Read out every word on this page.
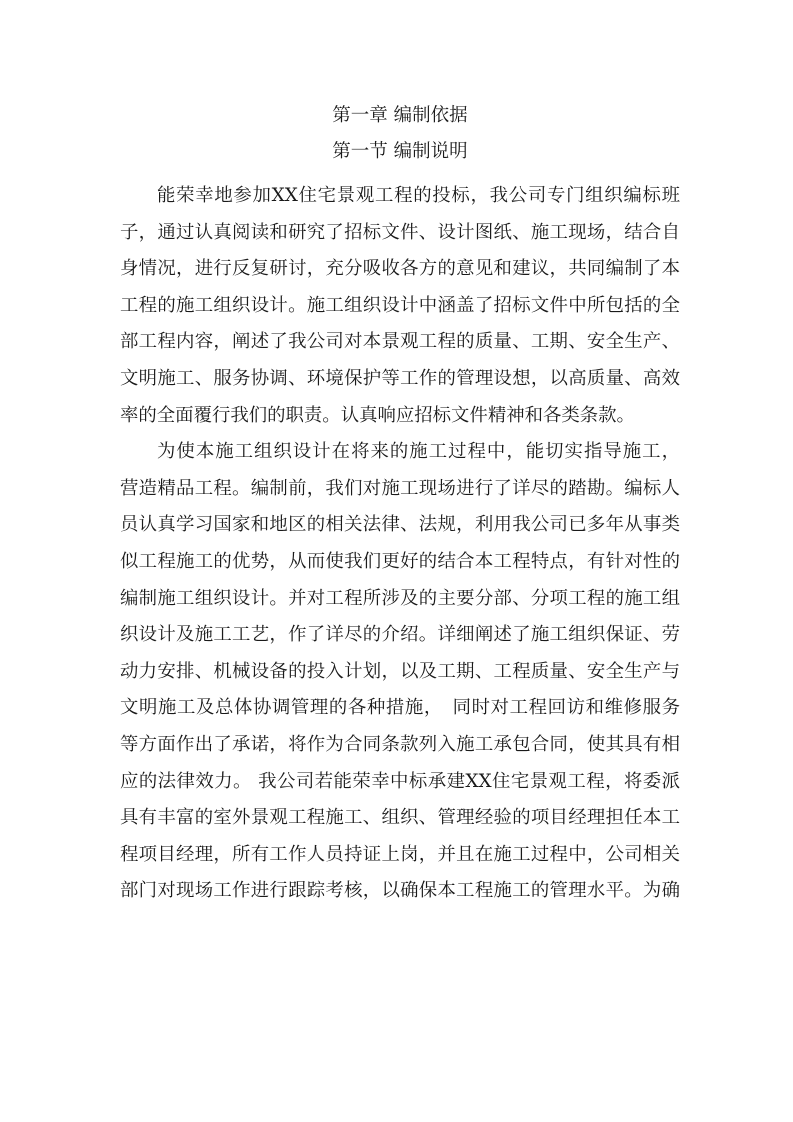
第一章 编制依据
第一节 编制说明
能荣幸地参加XX住宅景观工程的投标，我公司专门组织编标班
子，通过认真阅读和研究了招标文件、设计图纸、施工现场，结合自
身情况，进行反复研讨，充分吸收各方的意见和建议，共同编制了本
工程的施工组织设计。施工组织设计中涵盖了招标文件中所包括的全
部工程内容，阐述了我公司对本景观工程的质量、工期、安全生产、
文明施工、服务协调、环境保护等工作的管理设想，以高质量、高效
率的全面覆行我们的职责。认真响应招标文件精神和各类条款。
为使本施工组织设计在将来的施工过程中，能切实指导施工，
营造精品工程。编制前，我们对施工现场进行了详尽的踏勘。编标人
员认真学习国家和地区的相关法律、法规，利用我公司已多年从事类
似工程施工的优势，从而使我们更好的结合本工程特点，有针对性的
编制施工组织设计。并对工程所涉及的主要分部、分项工程的施工组
织设计及施工工艺，作了详尽的介绍。详细阐述了施工组织保证、劳
动力安排、机械设备的投入计划，以及工期、工程质量、安全生产与
文明施工及总体协调管理的各种措施，　同时对工程回访和维修服务
等方面作出了承诺，将作为合同条款列入施工承包合同，使其具有相
应的法律效力。 我公司若能荣幸中标承建XX住宅景观工程，将委派
具有丰富的室外景观工程施工、组织、管理经验的项目经理担任本工
程项目经理，所有工作人员持证上岗，并且在施工过程中，公司相关
部门对现场工作进行跟踪考核，以确保本工程施工的管理水平。为确
